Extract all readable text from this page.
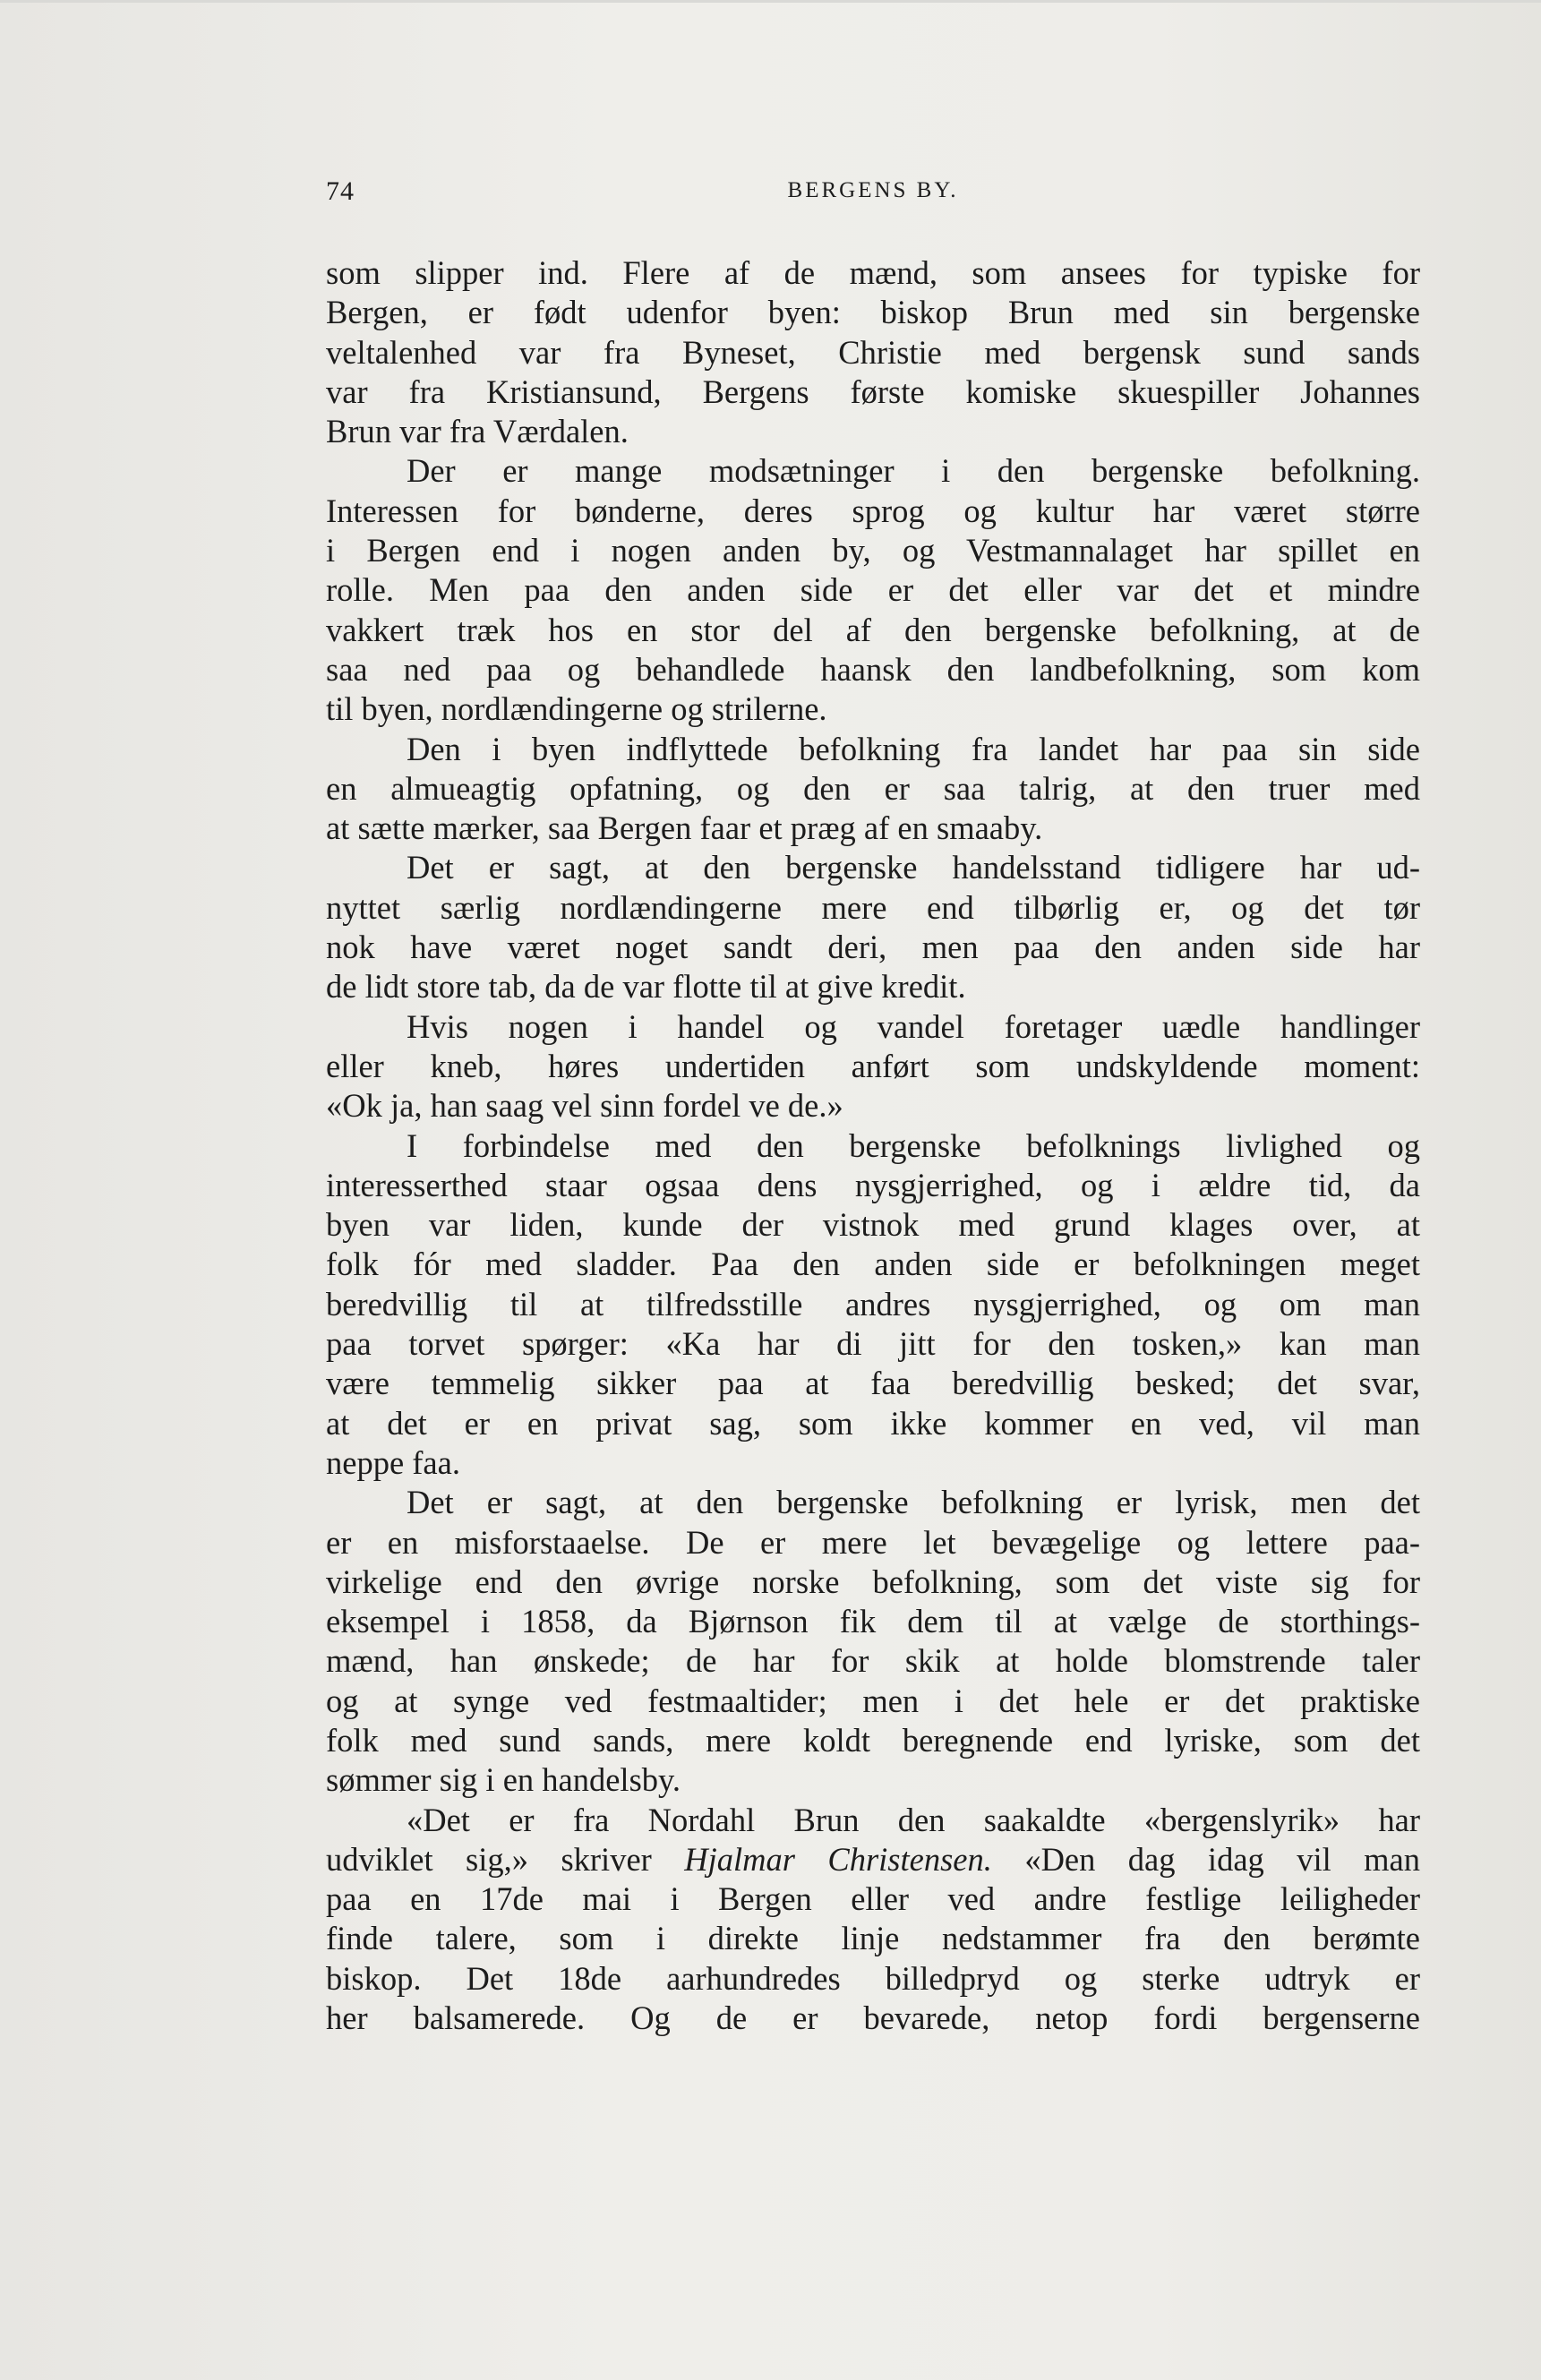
74	BERGENS BY.

som slipper ind. Flere af de mænd, som ansees for typiske for

Bergen, er født udenfor byen: biskop Brun med sin bergenske

veltalenhed var fra Byneset, Christie med bergensk sund sands

var fra Kristiansund, Bergens første komiske skuespiller Johannes

Brun var fra Værdalen.

Der er mange modsætninger i den bergenske befolkning.

Interessen for bønderne, deres sprog og kultur har været større

i Bergen end i nogen anden by, og Vestmannalaget har spillet en

rolle. Men paa den anden side er det eller var det et mindre

vakkert træk hos en stor del af den bergenske befolkning, at de

saa ned paa og behandlede haansk den landbefolkning, som kom

til byen, nordlændingerne og strilerne.

Den i byen indflyttede befolkning fra landet har paa sin side

en almueagtig opfatning, og den er saa talrig, at den truer med

at sætte mærker, saa Bergen faar et præg af en smaaby.

Det er sagt, at den bergenske handelsstand tidligere har ud-

nyttet særlig nordlændingerne mere end tilbørlig er, og det tør

nok have været noget sandt deri, men paa den anden side har

de lidt store tab, da de var flotte til at give kredit.

Hvis nogen i handel og vandel foretager uædle handlinger

eller kneb, høres undertiden anført som undskyldende moment:

«Ok ja, han saag vel sinn fordel ve de.»

I forbindelse med den bergenske befolknings livlighed og

interesserthed staar ogsaa dens nysgjerrighed, og i ældre tid, da

byen var liden, kunde der vistnok med grund klages over, at

folk fór med sladder. Paa den anden side er befolkningen meget

beredvillig til at tilfredsstille andres nysgjerrighed, og om man

paa torvet spørger: «Ka har di jitt for den tosken,» kan man

være temmelig sikker paa at faa beredvillig besked; det svar,

at det er en privat sag, som ikke kommer en ved, vil man

neppe faa.

Det er sagt, at den bergenske befolkning er lyrisk, men det

er en misforstaaelse. De er mere let bevægelige og lettere paa-

virkelige end den øvrige norske befolkning, som det viste sig for

eksempel i 1858, da Bjørnson fik dem til at vælge de storthings-

mænd, han ønskede; de har for skik at holde blomstrende taler

og at synge ved festmaaltider; men i det hele er det praktiske

folk med sund sands, mere koldt beregnende end lyriske, som det

sømmer sig i en handelsby.

«Det er fra Nordahl Brun den saakaldte «bergenslyrik» har

udviklet sig,» skriver Hjalmar Christensen. «Den dag idag vil man

paa en 17de mai i Bergen eller ved andre festlige leiligheder

finde talere, som i direkte linje nedstammer fra den berømte

biskop. Det 18de aarhundredes billedpryd og sterke udtryk er

her balsamerede. Og de er bevarede, netop fordi bergenserne
